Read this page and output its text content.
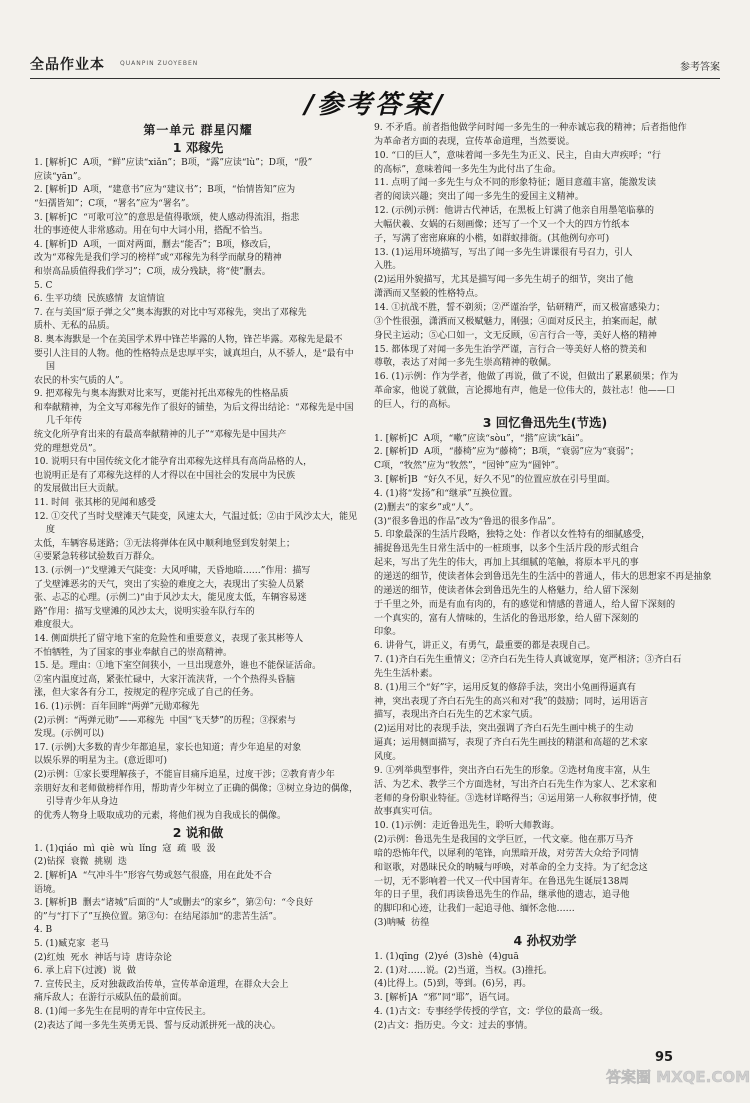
全品作业本	QUANPIN ZUOYEBEN	参考答案
/参考答案/
第一单元 群星闪耀
1 邓稼先
1. [解析]C  A项，“鲜”应读“xiǎn”；B项，“露”应读“lù”；D项，“殷”
应读“yān”。
2. [解析]D  A项，“建意书”应为“建议书”；B项，“怡情皆知”应为
“妇孺皆知”；C项，“署名”应为“署名”。
3. [解析]C  “可歌可泣”的意思是值得歌颂，使人感动得流泪，指悲
壮的事迹使人非常感动。用在句中大词小用，搭配不恰当。
4. [解析]D  A项，一面对两面，删去“能否”；B项，修改后，
改为“邓稼先是我们学习的榜样”或“邓稼先为科学而献身的精神
和崇高品质值得我们学习”；C项，成分残缺，将“使”删去。
5. C
6. 生平功绩  民族感情  友谊情谊
7. 在与美国“原子弹之父”奥本海默的对比中写邓稼先，突出了邓稼先
质朴、无私的品质。
8. 奥本海默是一个在美国学术界中锋芒毕露的人物，锋芒毕露。邓稼先是最不
要引人注目的人物。他的性格特点是忠厚平实，诚真坦白，从不骄人，是“最有中国
农民的朴实气质的人”。
9. 把邓稼先与奥本海默对比来写，更能衬托出邓稼先的性格品质
和奉献精神，为全文写邓稼先作了很好的铺垫，为后文得出结论：“邓稼先是中国几千年传
统文化所孕育出来的有最高奉献精神的儿子”“邓稼先是中国共产
党的理想党员”。
10. 说明只有中国传统文化才能孕育出邓稼先这样具有高尚品格的人，
也说明正是有了邓稼先这样的人才得以在中国社会的发展中为民族
的发展做出巨大贡献。
11. 时间  张其彬的见闻和感受
12. ①交代了当时戈壁滩天气陡变，风速太大，气温过低；②由于风沙太大，能见度
太低，车辆容易迷路；③无法将弹体在风中顺利地竖到发射架上；
④要紧急转移试验数百万群众。
13. (示例一)“戈壁滩天气陡变：大风呼啸，天昏地暗……”作用：描写
了戈壁滩恶劣的天气，突出了实验的难度之大，表现出了实验人员紧
张、忐忑的心理。(示例二)“由于风沙太大，能见度太低，车辆容易迷
路”作用：描写戈壁滩的风沙太大，说明实验车队行车的
难度很大。
14. 侧面烘托了留守地下室的危险性和重要意义，表现了张其彬等人
不怕牺牲，为了国家的事业奉献自己的崇高精神。
15. 是。理由：①地下室空间狭小，一旦出现意外，谁也不能保证活命。
②室内温度过高，紧张忙碌中，大家汗流浃背，一个个热得头昏脑
涨，但大家各有分工，按规定的程序完成了自己的任务。
16. (1)示例：百年回眸“两弹”元勋邓稼先
(2)示例：“两弹元勋”——邓稼先  中国“飞天梦”的历程；③探索与
发现。(示例可以)
17. (示例)大多数的青少年都追星，家长也知道；青少年追星的对象
以娱乐界的明星为主。(意近即可)
(2)示例：①家长要理解孩子，不能盲目痛斥追星，过度干涉；②教育青少年
亲朋好友和老师做榜样作用，帮助青少年树立了正确的偶像；③树立身边的偶像，引导青少年从身边
的优秀人物身上吸取成功的元素，将他们视为自我成长的偶像。
2 说和做
1. (1)qiáo  mì  qiè  wù  lǐng  寇  疏  吸  汲
(2)钻探  衰微  挑剔  迭
2. [解析]A  “气冲斗牛”形容气势或怒气很盛，用在此处不合
语境。
3. [解析]B  删去“诸城”后面的“人”或删去“的家乡”，第②句：“令良好
的”与“打下了”互换位置。第③句：在结尾添加“的悲苦生活”。
4. B
5. (1)臧克家  老马
(2)红烛  死水  神话与诗  唐诗杂论
6. 承上启下(过渡)  说  做
7. 宣传民主，反对独裁政治传单，宣传革命道理，在群众大会上
痛斥敌人；在游行示威队伍的最前面。
8. (1)闻一多先生在昆明的青年中宣传民主。
(2)表达了闻一多先生英勇无畏、誓与反动派拼死一战的决心。
9. 不矛盾。前者指他做学问时闻一多先生的一种赤诚忘我的精神；后者指他作
为革命者方面的表现，宣传革命道理，当然要说。
10. “口的巨人”，意味着闻一多先生为正义、民主，自由大声疾呼；“行
的高标”，意味着闻一多先生为此付出了生命。
11. 点明了闻一多先生与众不同的形象特征；题目意蕴丰富，能激发读
者的阅读兴趣；突出了闻一多先生的爱国主义精神。
12. (示例)示例：他讲古代神话，在黑板上钉满了他亲自用墨笔临摹的
大幅伏羲、女娲的石刻画像；还写了一个又一个大的四方竹纸本
子，写满了密密麻麻的小楷，如群蚁排衙。(其他例句亦可)
13. (1)运用环境描写，写出了闻一多先生讲课很有号召力，引人
入胜。
(2)运用外貌描写，尤其是描写闻一多先生胡子的细节，突出了他
潇洒而又坚毅的性格特点。
14. ①抗战不胜，誓不剃须；②严谨治学，钻研精严，而又极富感染力；
③个性很强，潇洒而又极赋魅力，刚强；④面对反民主，拍案而起，献
身民主运动；⑤心口如一，文无反顾，⑥言行合一等，美好人格的精神
15. 都体现了对闻一多先生治学严谨，言行合一等美好人格的赞美和
尊敬，表达了对闻一多先生崇高精神的敬佩。
16. (1)示例：作为学者，他做了再说，做了不说，但做出了累累硕果；作为
革命家，他说了就做，言论掷地有声，他是一位伟大的，鼓社志！他——口
的巨人，行的高标。
3 回忆鲁迅先生(节选)
1. [解析]C  A项，“嗽”应读“sòu”，“揩”应读“kāi”。
2. [解析]D  A项，“藤椅”应为“藤椅”；B项，“衰弱”应为“衰弱”；
C项，“牧然”应为“牧然”，“园钟”应为“圆钟”。
3. [解析]B  “好久不见，好久不见”的位置应放在引号里面。
4. (1)将“发扬”和“继承”互换位置。
(2)删去“的家乡”或“人”。
(3)“很多鲁迅的作品”改为“鲁迅的很多作品”。
5. 印象最深的生活片段略，独特之处：作者以女性特有的细腻感受，
捕捉鲁迅先生日常生活中的一桩琐事，以多个生活片段的形式组合
起来，写出了先生的伟大，再加上其细腻的笔触，将原本平凡的事
的递送的细节，使读者体会到鲁迅先生的生活中的普通人，伟大的思想家不再是抽象
的递送的细节，使读者体会到鲁迅先生的人格魅力，给人留下深刻
于千里之外，而是有血有肉的，有的感觉和情感的普通人，给人留下深刻的
一个真实的，富有人情味的，生活化的鲁迅形象，给人留下深刻的
印象。
6. 讲骨气，讲正义，有勇气，最重要的都是表现自己。
7. (1)齐白石先生重情义；②齐白石先生待人真诚宽厚，宽严相济；③齐白石
先生生活朴素。
8. (1)用三个“好”字，运用反复的修辞手法，突出小兔画得逼真有
神，突出表现了齐白石先生的高兴和对“我”的鼓励；同时，运用语言
描写，表现出齐白石先生的艺术家气质。
(2)运用对比的表现手法，突出强调了齐白石先生画中桃子的生动
逼真；运用侧面描写，表现了齐白石先生画技的精湛和高超的艺术家
风度。
9. ①列举典型事件，突出齐白石先生的形象。②选材角度丰富，从生
活、为艺术、教学三个方面选材，写出齐白石先生作为家人、艺术家和
老师的身份职业特征。③选材详略得当；④运用第一人称叙事抒情，使
故事真实可信。
10. (1)示例：走近鲁迅先生，聆听大师教诲。
(2)示例：鲁迅先生是我国的文学巨匠，一代文豪。他在那万马齐
喑的恐怖年代，以犀利的笔锋，向黑暗开战，对劳苦大众给予同情
和讴歌，对愚昧民众的呐喊与呼唤，对革命的全力支持。为了纪念这
一切，无不影响着一代又一代中国青年。在鲁迅先生诞辰138周
年的日子里，我们再读鲁迅先生的作品，继承他的遗志，追寻他
的脚印和心迹，让我们一起追寻他、缅怀念他……
(3)呐喊  彷徨
4 孙权劝学
1. (1)qīng  (2)yé  (3)shè  (4)guā
2. (1)对……说。(2)当道，当权。(3)推托。
(4)比得上。(5)到，等到。(6)另，再。
3. [解析]A  “邪”同“耶”，语气词。
4. (1)古文：专事经学传授的学官，文：学位的最高一级。
(2)古文：指历史。今文：过去的事情。
95
答案圈 MXQE.COM
